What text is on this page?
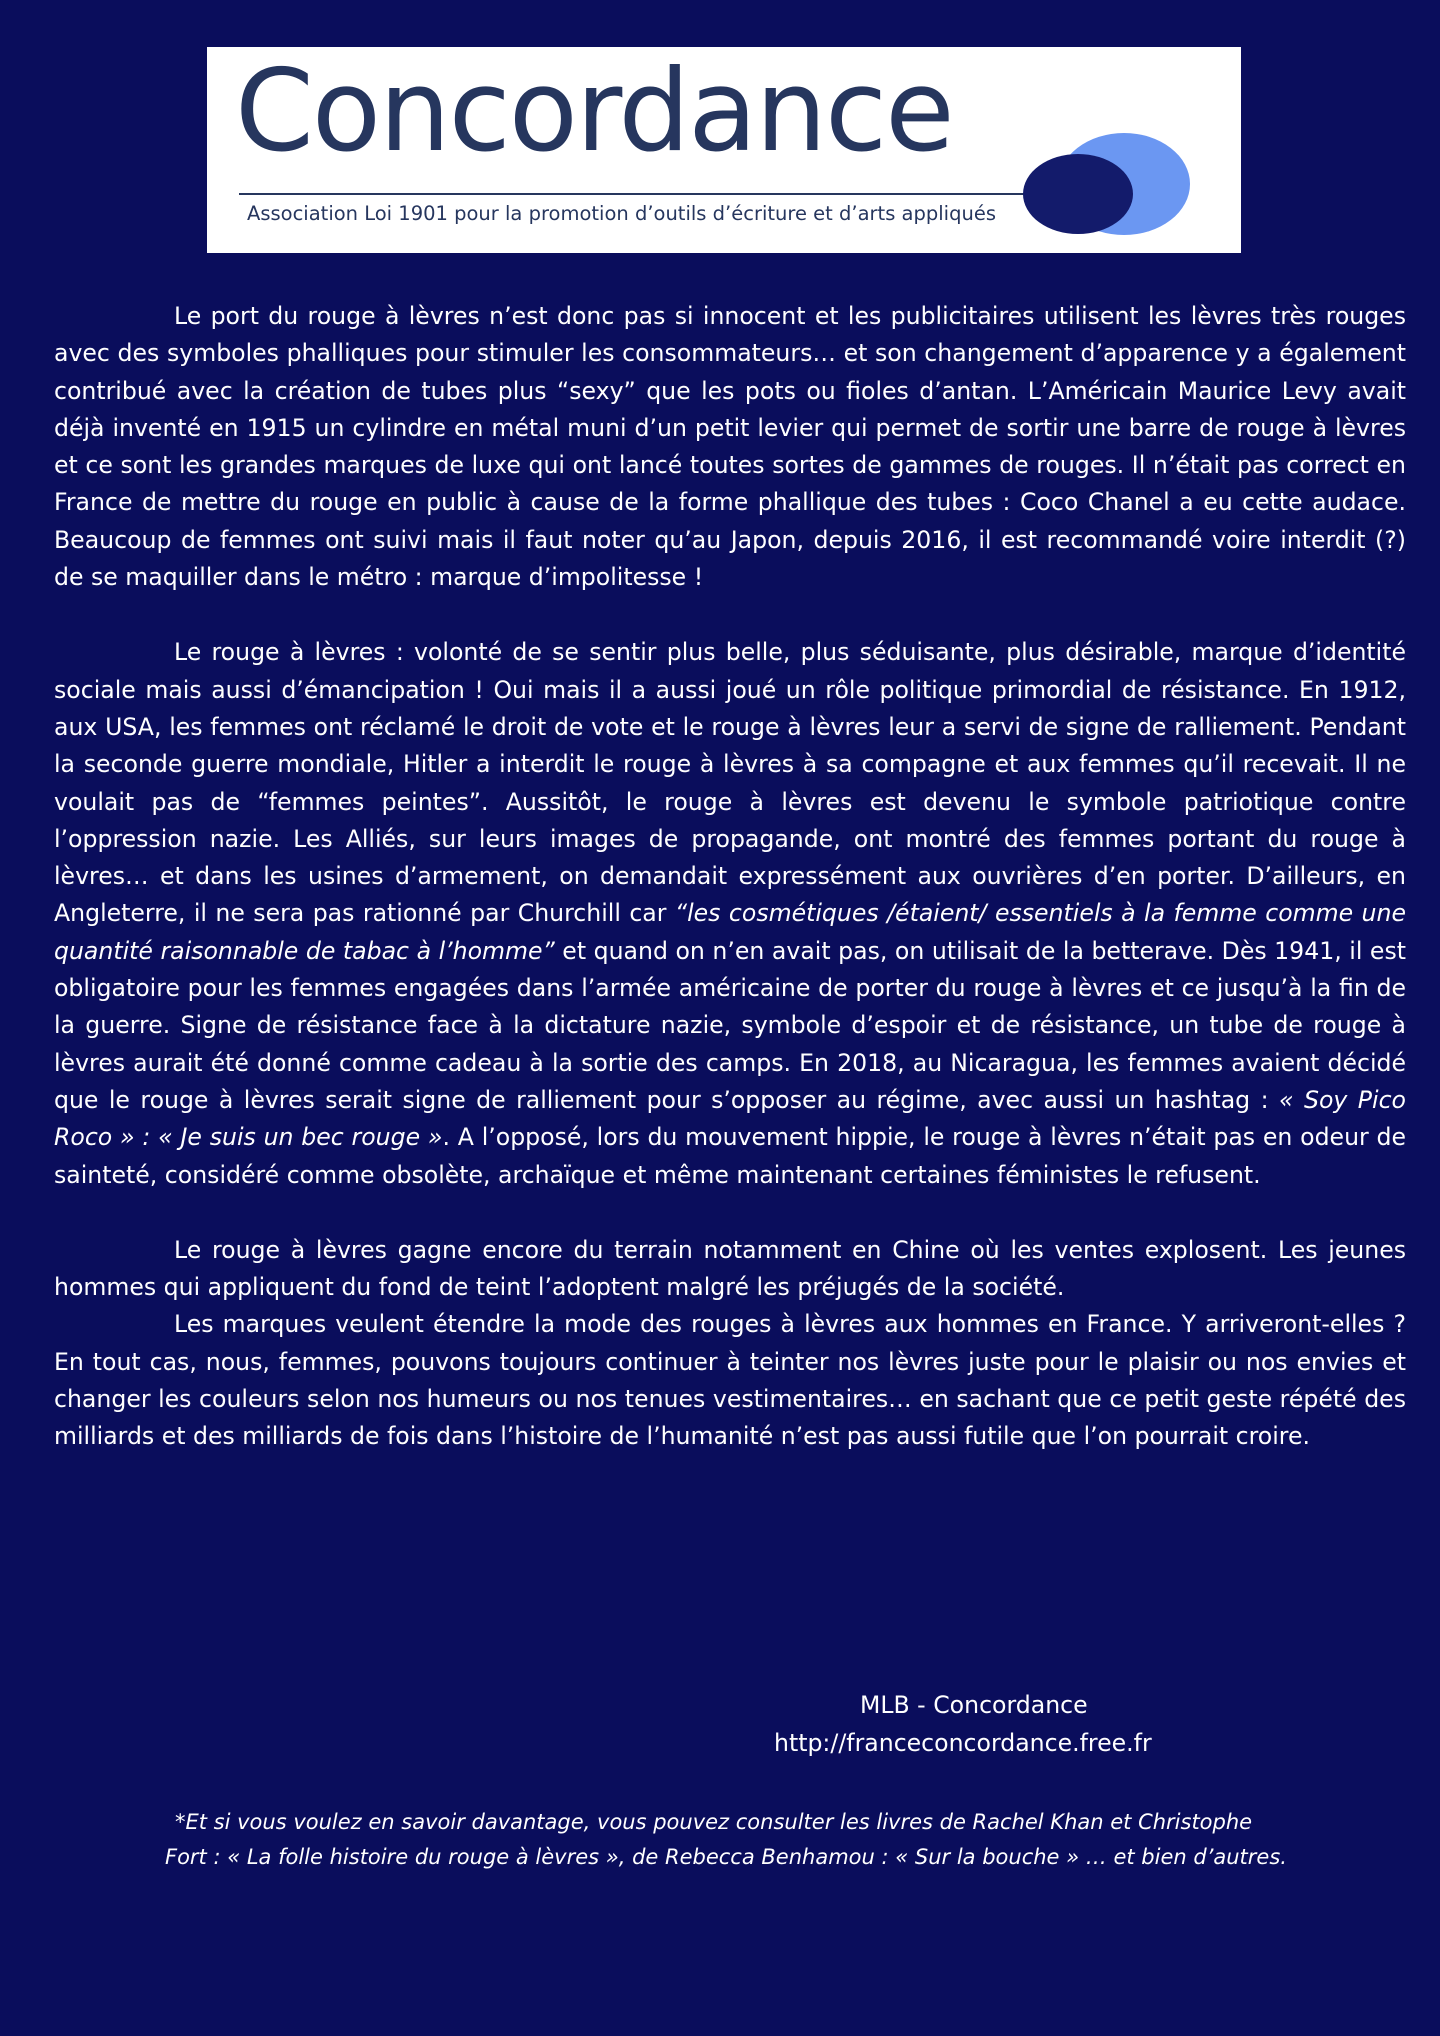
Concordance
Association Loi 1901 pour la promotion d’outils d’écriture et d’arts appliqués

Le port du rouge à lèvres n’est donc pas si innocent et les publicitaires utilisent les lèvres très rouges avec des symboles phalliques pour stimuler les consommateurs… et son changement d’apparence y a également contribué avec la création de tubes plus “sexy” que les pots ou fioles d’antan. L’Américain Maurice Levy avait déjà inventé en 1915 un cylindre en métal muni d’un petit levier qui permet de sortir une barre de rouge à lèvres et ce sont les grandes marques de luxe qui ont lancé toutes sortes de gammes de rouges. Il n’était pas correct en France de mettre du rouge en public à cause de la forme phallique des tubes : Coco Chanel a eu cette audace. Beaucoup de femmes ont suivi mais il faut noter qu’au Japon, depuis 2016, il est recommandé voire interdit (?) de se maquiller dans le métro : marque d’impolitesse !

Le rouge à lèvres : volonté de se sentir plus belle, plus séduisante, plus désirable, marque d’identité sociale mais aussi d’émancipation ! Oui mais il a aussi joué un rôle politique primordial de résistance. En 1912, aux USA, les femmes ont réclamé le droit de vote et le rouge à lèvres leur a servi de signe de ralliement. Pendant la seconde guerre mondiale, Hitler a interdit le rouge à lèvres à sa compagne et aux femmes qu’il recevait. Il ne voulait pas de “femmes peintes”. Aussitôt, le rouge à lèvres est devenu le symbole patriotique contre l’oppression nazie. Les Alliés, sur leurs images de propagande, ont montré des femmes portant du rouge à lèvres… et dans les usines d’armement, on demandait expressément aux ouvrières d’en porter. D’ailleurs, en Angleterre, il ne sera pas rationné par Churchill car “les cosmétiques /étaient/ essentiels à la femme comme une quantité raisonnable de tabac à l’homme” et quand on n’en avait pas, on utilisait de la betterave. Dès 1941, il est obligatoire pour les femmes engagées dans l’armée américaine de porter du rouge à lèvres et ce jusqu’à la fin de la guerre. Signe de résistance face à la dictature nazie, symbole d’espoir et de résistance, un tube de rouge à lèvres aurait été donné comme cadeau à la sortie des camps. En 2018, au Nicaragua, les femmes avaient décidé que le rouge à lèvres serait signe de ralliement pour s’opposer au régime, avec aussi un hashtag : « Soy Pico Roco » : « Je suis un bec rouge ». A l’opposé, lors du mouvement hippie, le rouge à lèvres n’était pas en odeur de sainteté, considéré comme obsolète, archaïque et même maintenant certaines féministes le refusent.

Le rouge à lèvres gagne encore du terrain notamment en Chine où les ventes explosent. Les jeunes hommes qui appliquent du fond de teint l’adoptent malgré les préjugés de la société.

Les marques veulent étendre la mode des rouges à lèvres aux hommes en France. Y arriveront-elles ? En tout cas, nous, femmes, pouvons toujours continuer à teinter nos lèvres juste pour le plaisir ou nos envies et changer les couleurs selon nos humeurs ou nos tenues vestimentaires… en sachant que ce petit geste répété des milliards et des milliards de fois dans l’histoire de l’humanité n’est pas aussi futile que l’on pourrait croire.

MLB - Concordance
http://franceconcordance.free.fr
*Et si vous voulez en savoir davantage, vous pouvez consulter les livres de Rachel Khan et Christophe
Fort : « La folle histoire du rouge à lèvres », de Rebecca Benhamou : « Sur la bouche » … et bien d’autres.
